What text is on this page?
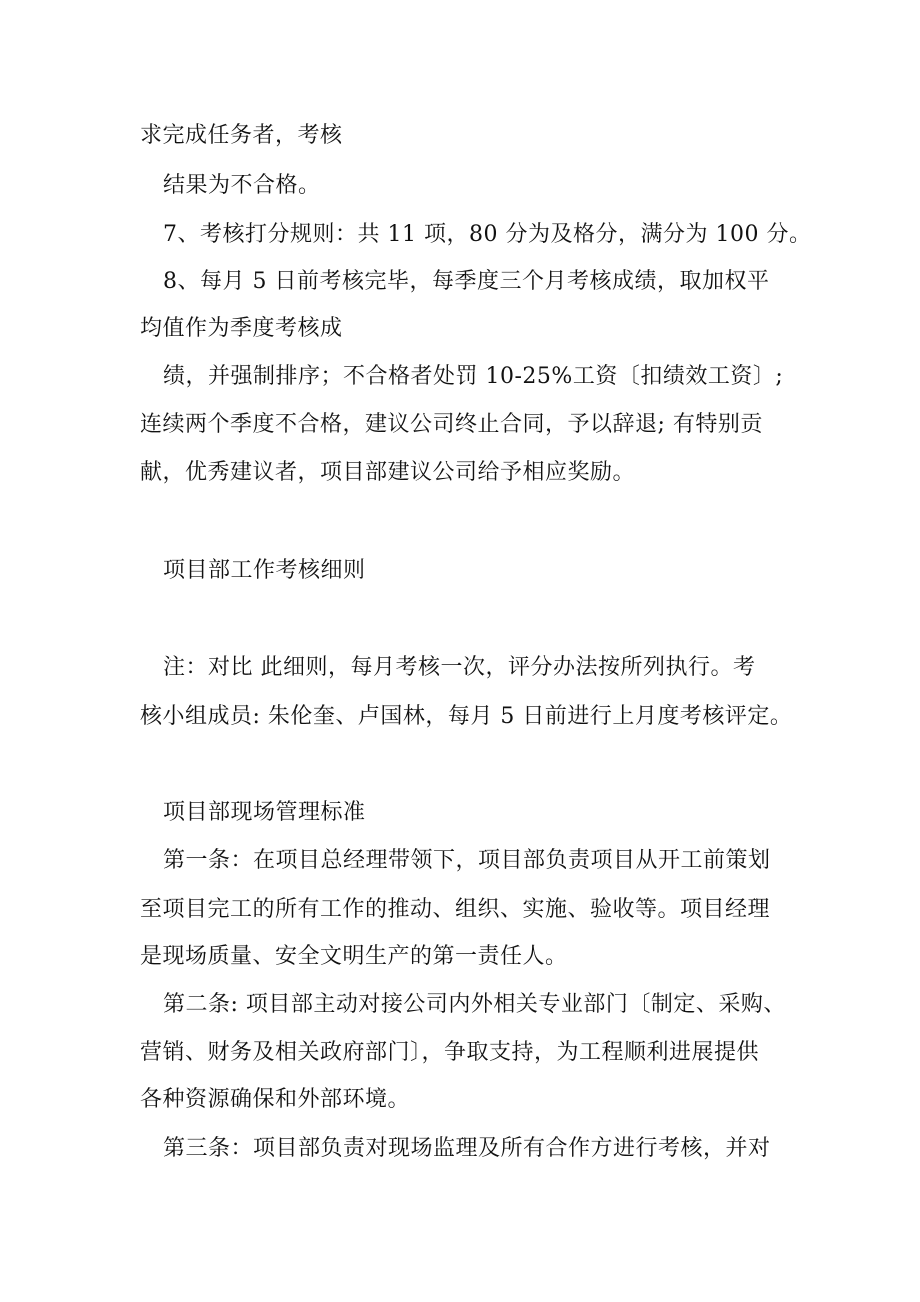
求完成任务者，考核
结果为不合格。
7、考核打分规则：共 11 项，80 分为及格分，满分为 100 分。
8、每月 5 日前考核完毕，每季度三个月考核成绩，取加权平
均值作为季度考核成
绩，并强制排序；不合格者处罚 10-25%工资〔扣绩效工资〕;
连续两个季度不合格，建议公司终止合同，予以辞退; 有特别贡
献，优秀建议者，项目部建议公司给予相应奖励。
项目部工作考核细则
注：对比 此细则，每月考核一次，评分办法按所列执行。考
核小组成员: 朱伦奎、卢国林，每月 5 日前进行上月度考核评定。
项目部现场管理标准
第一条：在项目总经理带领下，项目部负责项目从开工前策划
至项目完工的所有工作的推动、组织、实施、验收等。项目经理
是现场质量、安全文明生产的第一责任人。
第二条: 项目部主动对接公司内外相关专业部门〔制定、采购、
营销、财务及相关政府部门〕，争取支持，为工程顺利进展提供
各种资源确保和外部环境。
第三条：项目部负责对现场监理及所有合作方进行考核，并对
